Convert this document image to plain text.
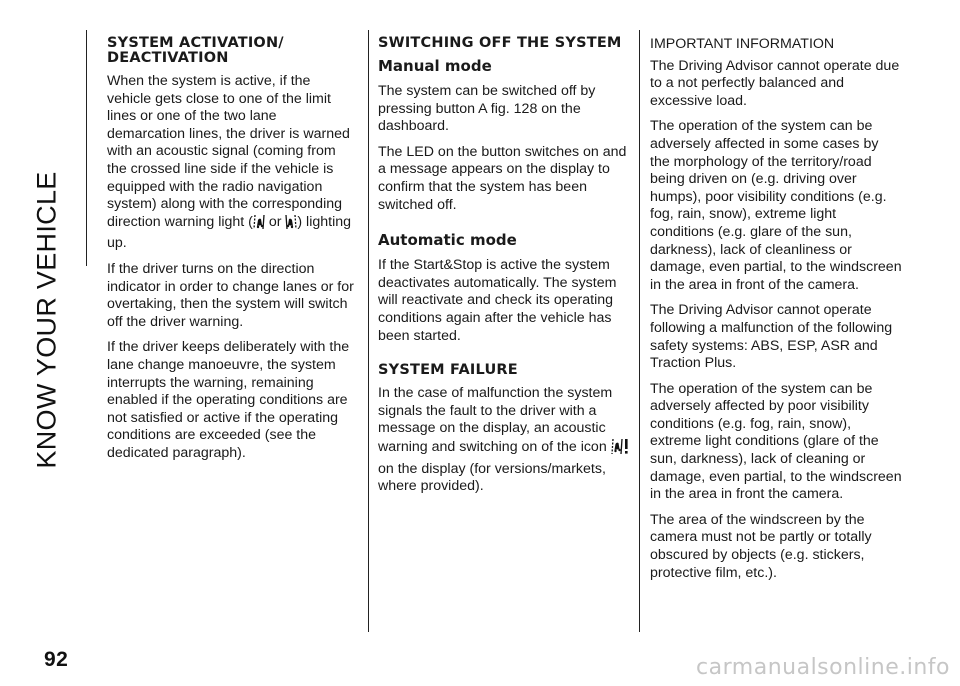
KNOW YOUR VEHICLE
SYSTEM ACTIVATION/ DEACTIVATION

When the system is active, if the vehicle gets close to one of the limit lines or one of the two lane demarcation lines, the driver is warned with an acoustic signal (coming from the crossed line side if the vehicle is equipped with the radio navigation system) along with the corresponding direction warning light ( or ) lighting up.

If the driver turns on the direction indicator in order to change lanes or for overtaking, then the system will switch off the driver warning.

If the driver keeps deliberately with the lane change manoeuvre, the system interrupts the warning, remaining enabled if the operating conditions are not satisfied or active if the operating conditions are exceeded (see the dedicated paragraph).

SWITCHING OFF THE SYSTEM
Manual mode

The system can be switched off by pressing button A fig. 128 on the dashboard.

The LED on the button switches on and a message appears on the display to confirm that the system has been switched off.

Automatic mode

If the Start&Stop is active the system deactivates automatically. The system will reactivate and check its operating conditions again after the vehicle has been started.

SYSTEM FAILURE

In the case of malfunction the system signals the fault to the driver with a message on the display, an acoustic warning and switching on of the icon on the display (for versions/markets, where provided).

IMPORTANT INFORMATION

The Driving Advisor cannot operate due to a not perfectly balanced and excessive load.

The operation of the system can be adversely affected in some cases by the morphology of the territory/road being driven on (e.g. driving over humps), poor visibility conditions (e.g. fog, rain, snow), extreme light conditions (e.g. glare of the sun, darkness), lack of cleanliness or damage, even partial, to the windscreen in the area in front of the camera.

The Driving Advisor cannot operate following a malfunction of the following safety systems: ABS, ESP, ASR and Traction Plus.

The operation of the system can be adversely affected by poor visibility conditions (e.g. fog, rain, snow), extreme light conditions (glare of the sun, darkness), lack of cleaning or damage, even partial, to the windscreen in the area in front the camera.

The area of the windscreen by the camera must not be partly or totally obscured by objects (e.g. stickers, protective film, etc.).

92	carmanualsonline.info
